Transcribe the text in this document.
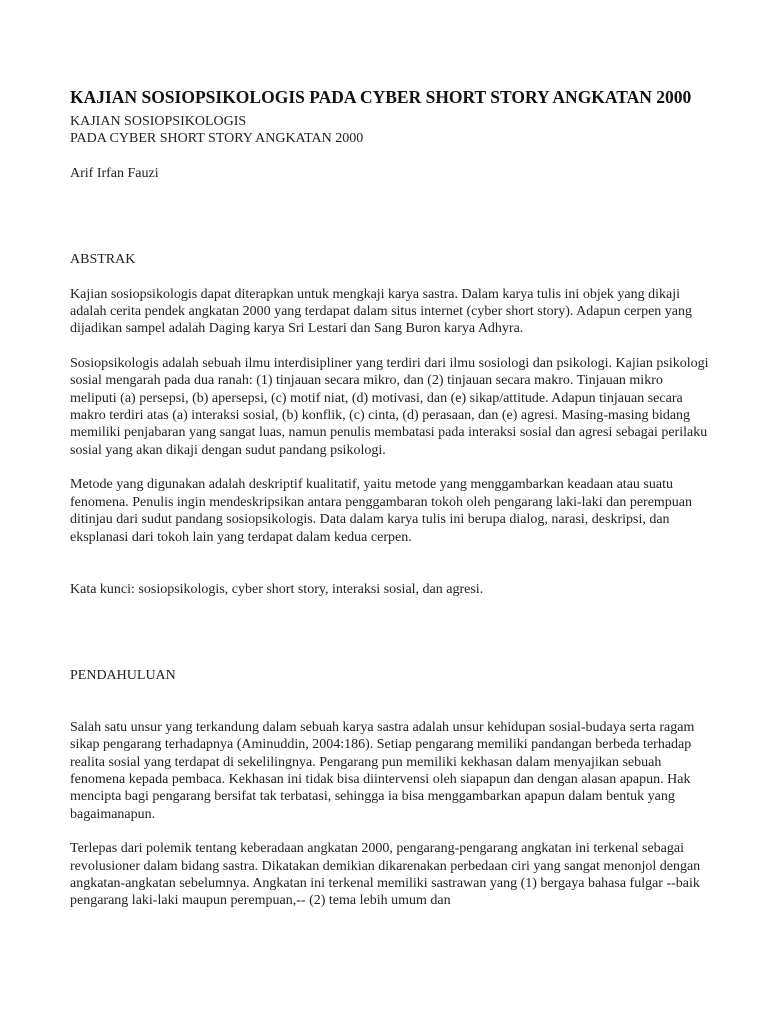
KAJIAN SOSIOPSIKOLOGIS PADA CYBER SHORT STORY ANGKATAN 2000

KAJIAN SOSIOPSIKOLOGIS

PADA CYBER SHORT STORY ANGKATAN 2000

Arif Irfan Fauzi

ABSTRAK

Kajian sosiopsikologis dapat diterapkan untuk mengkaji karya sastra. Dalam karya tulis ini objek yang dikaji adalah cerita pendek angkatan 2000 yang terdapat dalam situs internet (cyber short story). Adapun cerpen yang dijadikan sampel adalah Daging karya Sri Lestari dan Sang Buron karya Adhyra.

Sosiopsikologis adalah sebuah ilmu interdisipliner yang terdiri dari ilmu sosiologi dan psikologi. Kajian psikologi sosial mengarah pada dua ranah: (1) tinjauan secara mikro, dan (2) tinjauan secara makro. Tinjauan mikro meliputi (a) persepsi, (b) apersepsi, (c) motif niat, (d) motivasi, dan (e) sikap/attitude. Adapun tinjauan secara makro terdiri atas (a) interaksi sosial, (b) konflik, (c) cinta, (d) perasaan, dan (e) agresi. Masing-masing bidang memiliki penjabaran yang sangat luas, namun penulis membatasi pada interaksi sosial dan agresi sebagai perilaku sosial yang akan dikaji dengan sudut pandang psikologi.

Metode yang digunakan adalah deskriptif kualitatif, yaitu metode yang menggambarkan keadaan atau suatu fenomena. Penulis ingin mendeskripsikan antara penggambaran tokoh oleh pengarang laki-laki dan perempuan ditinjau dari sudut pandang sosiopsikologis. Data dalam karya tulis ini berupa dialog, narasi, deskripsi, dan eksplanasi dari tokoh lain yang terdapat dalam kedua cerpen.

Kata kunci: sosiopsikologis, cyber short story, interaksi sosial, dan agresi.

PENDAHULUAN

Salah satu unsur yang terkandung dalam sebuah karya sastra adalah unsur kehidupan sosial-budaya serta ragam sikap pengarang terhadapnya (Aminuddin, 2004:186). Setiap pengarang memiliki pandangan berbeda terhadap realita sosial yang terdapat di sekelilingnya. Pengarang pun memiliki kekhasan dalam menyajikan sebuah fenomena kepada pembaca. Kekhasan ini tidak bisa diintervensi oleh siapapun dan dengan alasan apapun. Hak mencipta bagi pengarang bersifat tak terbatasi, sehingga ia bisa menggambarkan apapun dalam bentuk yang bagaimanapun.

Terlepas dari polemik tentang keberadaan angkatan 2000, pengarang-pengarang angkatan ini terkenal sebagai revolusioner dalam bidang sastra. Dikatakan demikian dikarenakan perbedaan ciri yang sangat menonjol dengan angkatan-angkatan sebelumnya. Angkatan ini terkenal memiliki sastrawan yang (1) bergaya bahasa fulgar --baik pengarang laki-laki maupun perempuan,-- (2) tema lebih umum dan
